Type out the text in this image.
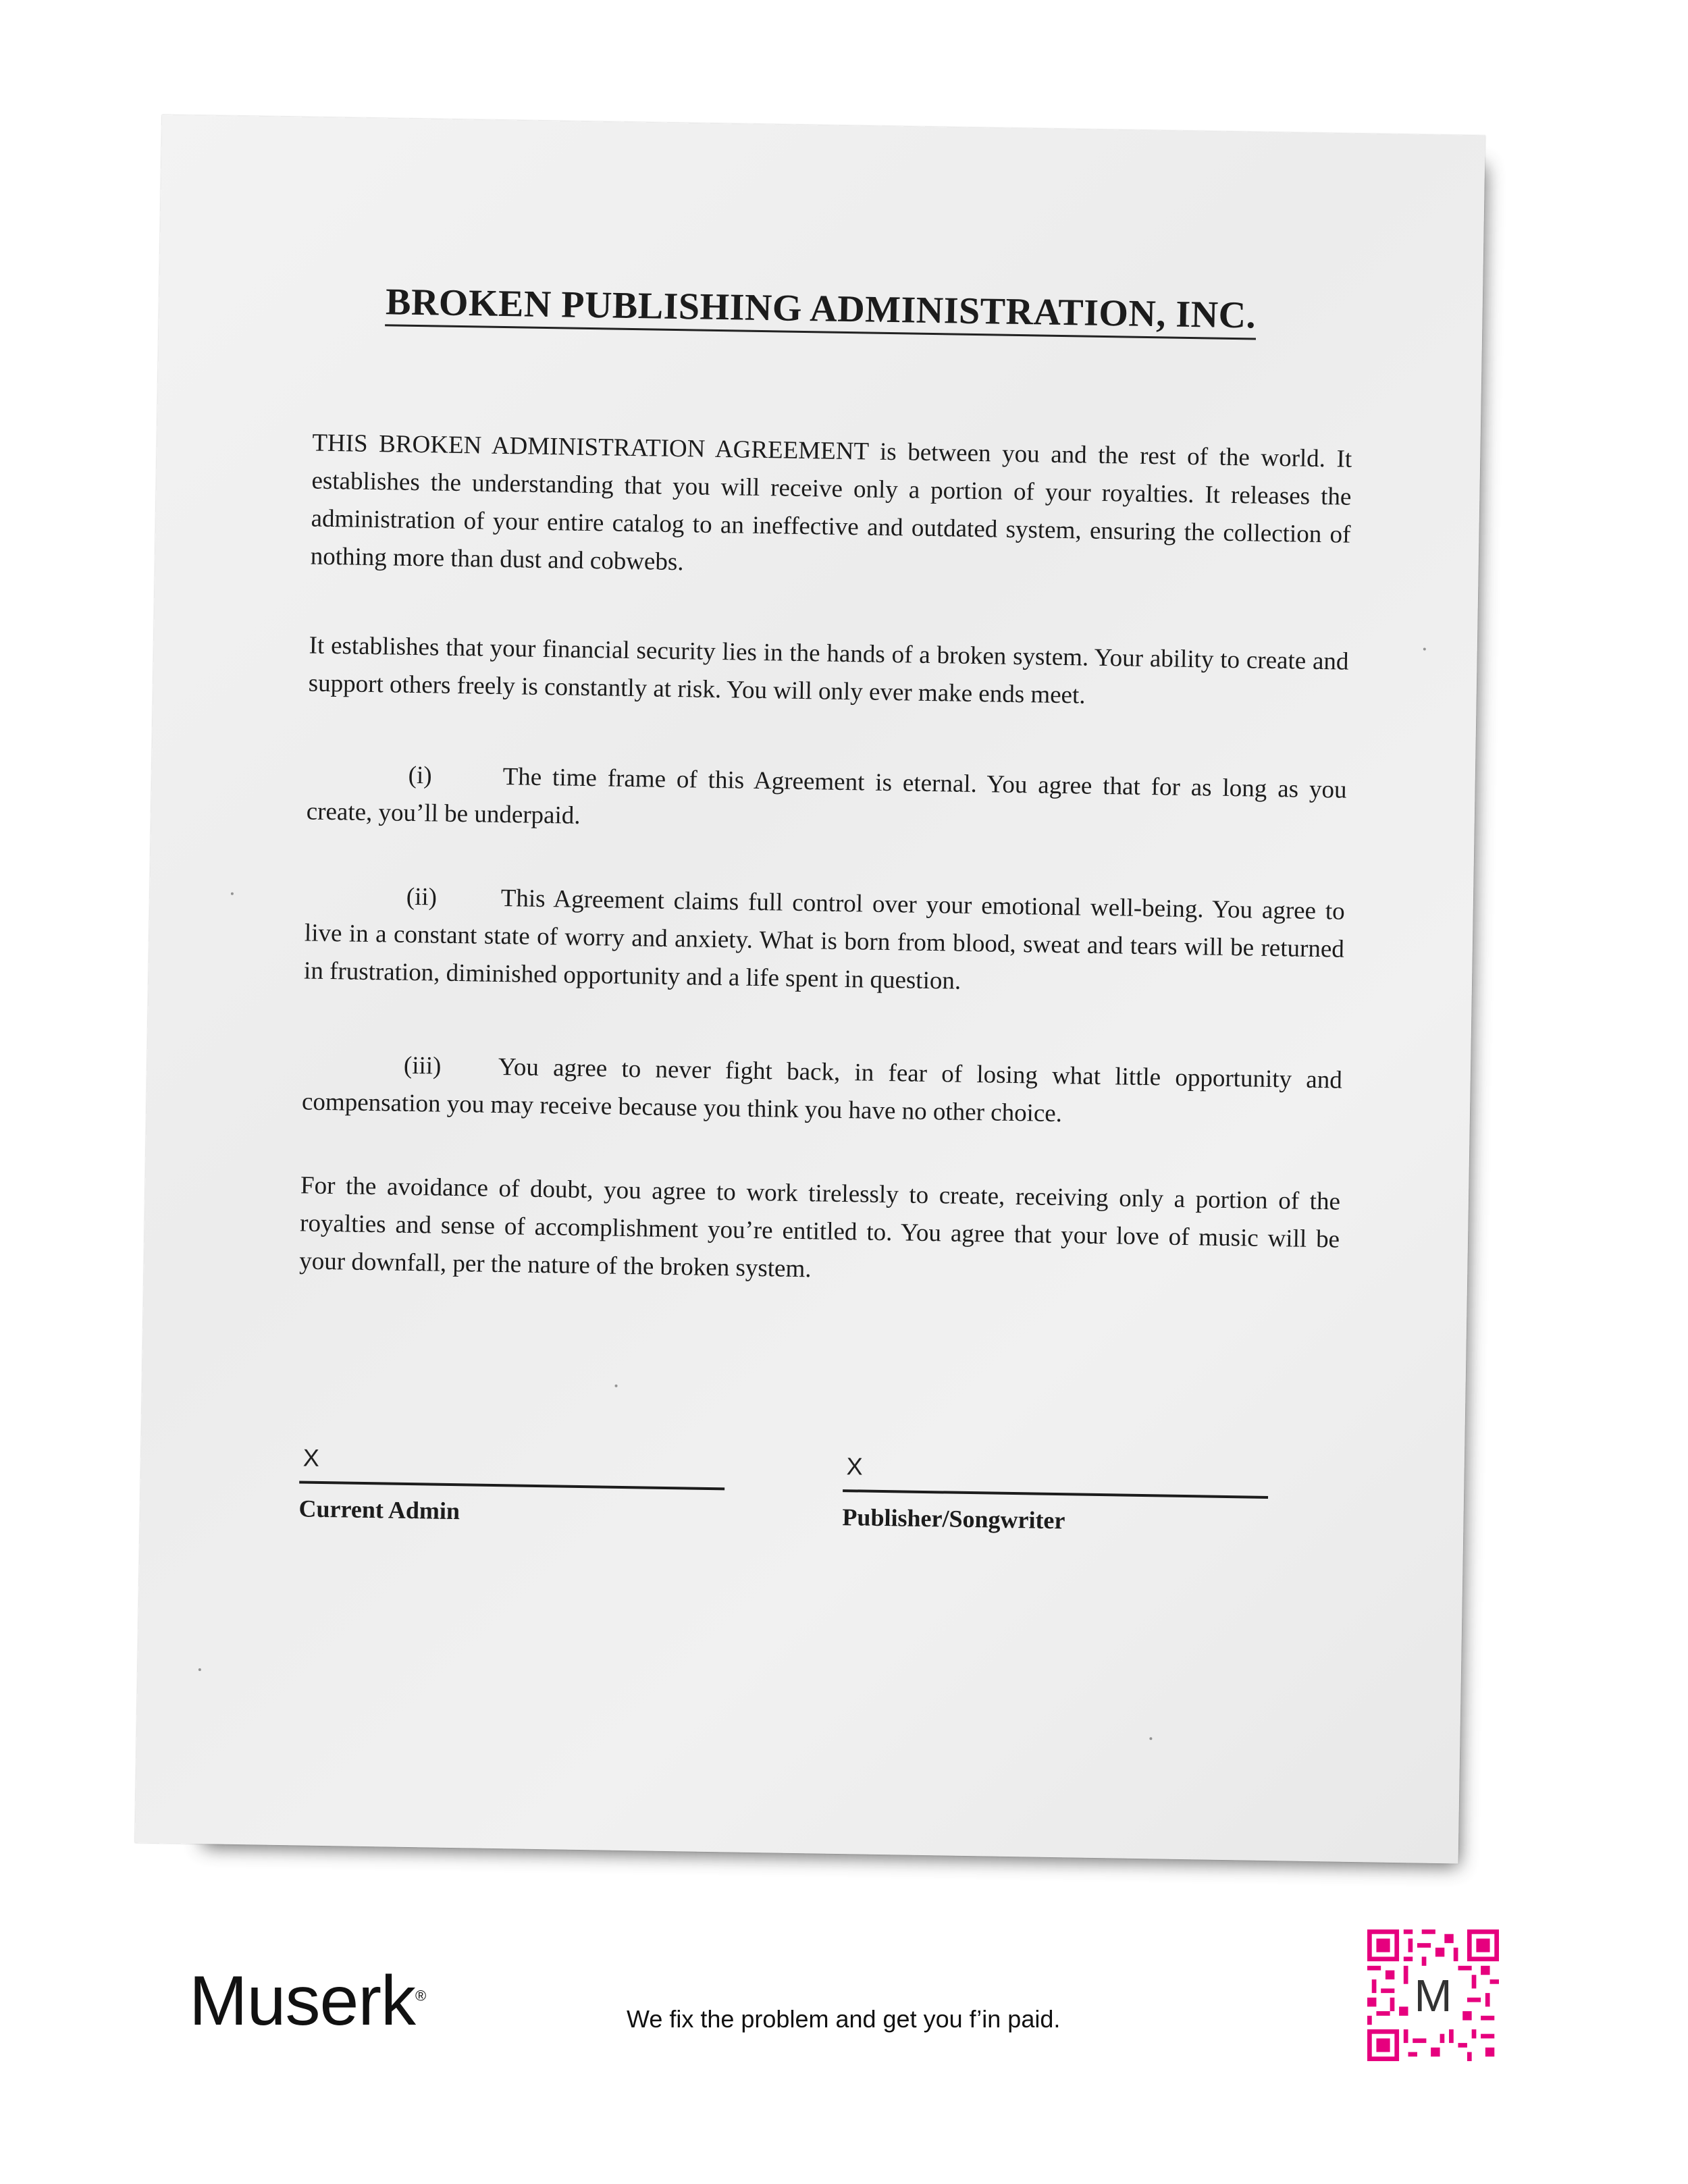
BROKEN PUBLISHING ADMINISTRATION, INC.

THIS BROKEN ADMINISTRATION AGREEMENT is between you and the rest of the world. It establishes the understanding that you will receive only a portion of your royalties. It releases the administration of your entire catalog to an ineffective and outdated system, ensuring the collection of nothing more than dust and cobwebs.

It establishes that your financial security lies in the hands of a broken system. Your ability to create and support others freely is constantly at risk. You will only ever make ends meet.

(i)	The time frame of this Agreement is eternal. You agree that for as long as you create, you’ll be underpaid.

(ii)	This Agreement claims full control over your emotional well-being. You agree to live in a constant state of worry and anxiety. What is born from blood, sweat and tears will be returned in frustration, diminished opportunity and a life spent in question.

(iii) You agree to never fight back, in fear of losing what little opportunity and compensation you may receive because you think you have no other choice.

For the avoidance of doubt, you agree to work tirelessly to create, receiving only a portion of the royalties and sense of accomplishment you’re entitled to. You agree that your love of music will be your downfall, per the nature of the broken system.

X
Current Admin
X
Publisher/Songwriter
Muserk®
We fix the problem and get you f’in paid.	M
